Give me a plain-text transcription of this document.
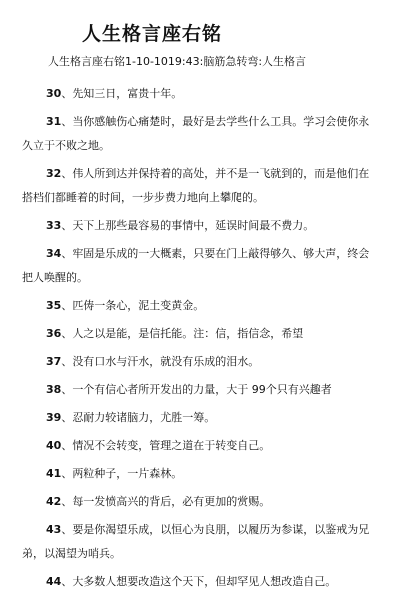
人生格言座右铭
人生格言座右铭1-10-1019:43:脑筋急转弯:人生格言

30、先知三日，富贵十年。

31、当你感触伤心痛楚时，最好是去学些什么工具。学习会使你永久立于不败之地。

32、伟人所到达并保持着的高处，并不是一飞就到的，而是他们在搭档们都睡着的时间，一步步费力地向上攀爬的。

33、天下上那些最容易的事情中，延误时间最不费力。

34、牢固是乐成的一大概素，只要在门上敲得够久、够大声，终会把人唤醒的。

35、匹俦一条心，泥土变黄金。

36、人之以是能，是信托能。注：信，指信念，希望

37、没有口水与汗水，就没有乐成的泪水。

38、一个有信心者所开发出的力量，大于 99个只有兴趣者

39、忍耐力较诸脑力，尤胜一筹。

40、情况不会转变，管理之道在于转变自己。

41、两粒种子，一片森林。

42、每一发愤高兴的背后，必有更加的赏赐。

43、要是你渴望乐成，以恒心为良朋，以履历为参谋，以鉴戒为兄弟，以渴望为哨兵。

44、大多数人想要改造这个天下，但却罕见人想改造自己。
